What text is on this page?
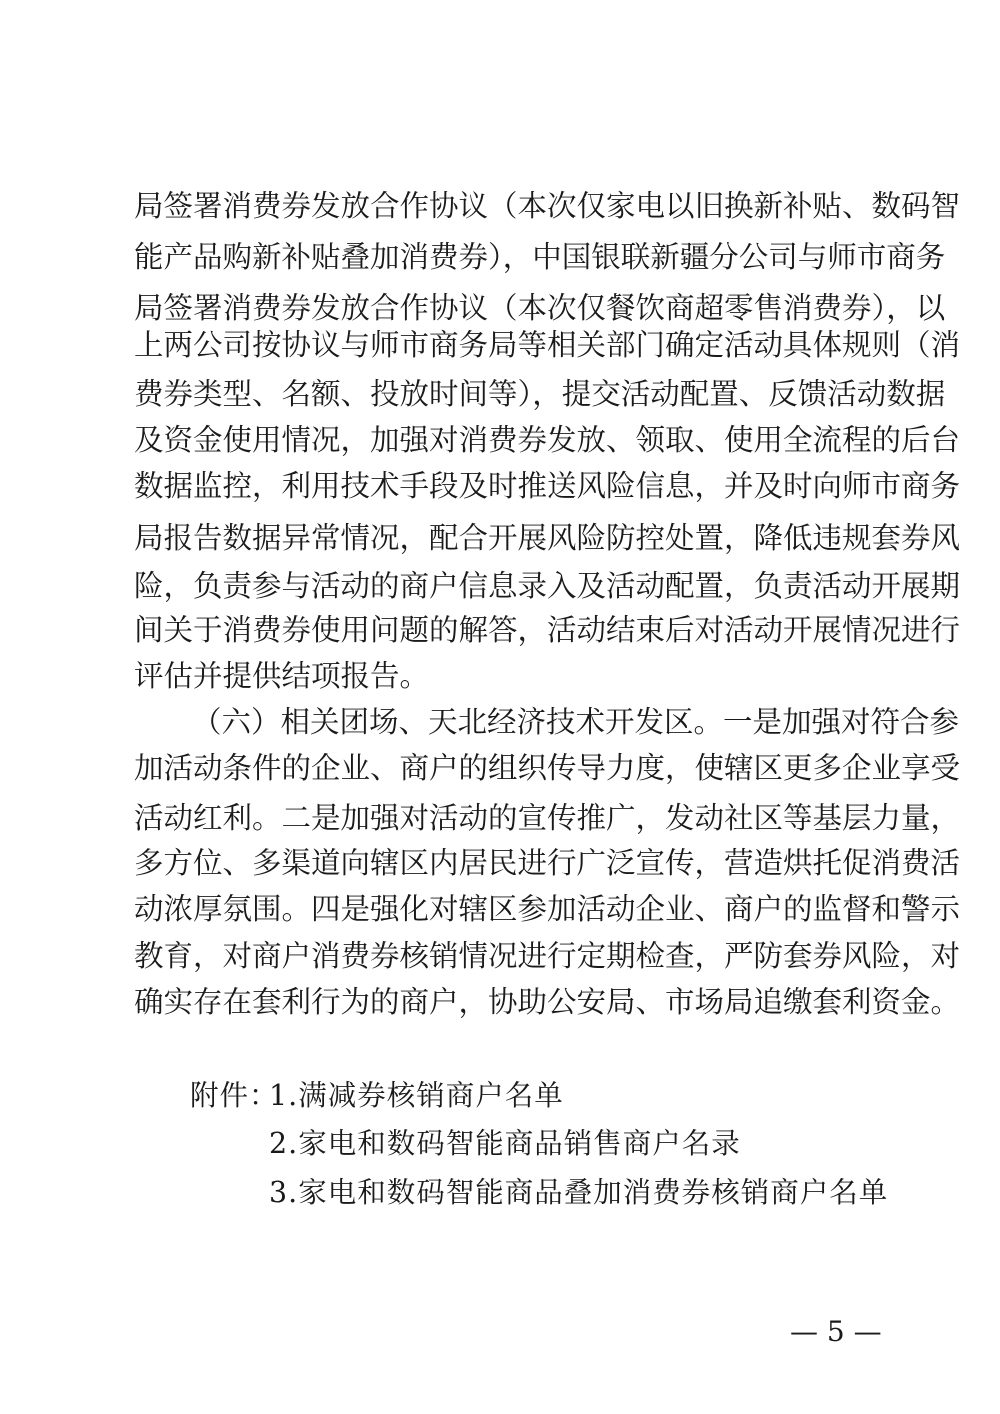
局签署消费券发放合作协议（本次仅家电以旧换新补贴、数码智
能产品购新补贴叠加消费券），中国银联新疆分公司与师市商务
局签署消费券发放合作协议（本次仅餐饮商超零售消费券），以
上两公司按协议与师市商务局等相关部门确定活动具体规则（消
费券类型、名额、投放时间等），提交活动配置、反馈活动数据
及资金使用情况，加强对消费券发放、领取、使用全流程的后台
数据监控，利用技术手段及时推送风险信息，并及时向师市商务
局报告数据异常情况，配合开展风险防控处置，降低违规套券风
险，负责参与活动的商户信息录入及活动配置，负责活动开展期
间关于消费券使用问题的解答，活动结束后对活动开展情况进行
评估并提供结项报告。
（六）相关团场、天北经济技术开发区。一是加强对符合参
加活动条件的企业、商户的组织传导力度，使辖区更多企业享受
活动红利。二是加强对活动的宣传推广，发动社区等基层力量，
多方位、多渠道向辖区内居民进行广泛宣传，营造烘托促消费活
动浓厚氛围。四是强化对辖区参加活动企业、商户的监督和警示
教育，对商户消费券核销情况进行定期检查，严防套券风险，对
确实存在套利行为的商户，协助公安局、市场局追缴套利资金。
附件：
1.满减券核销商户名单
2.家电和数码智能商品销售商户名录
3.家电和数码智能商品叠加消费券核销商户名单
— 5 —
